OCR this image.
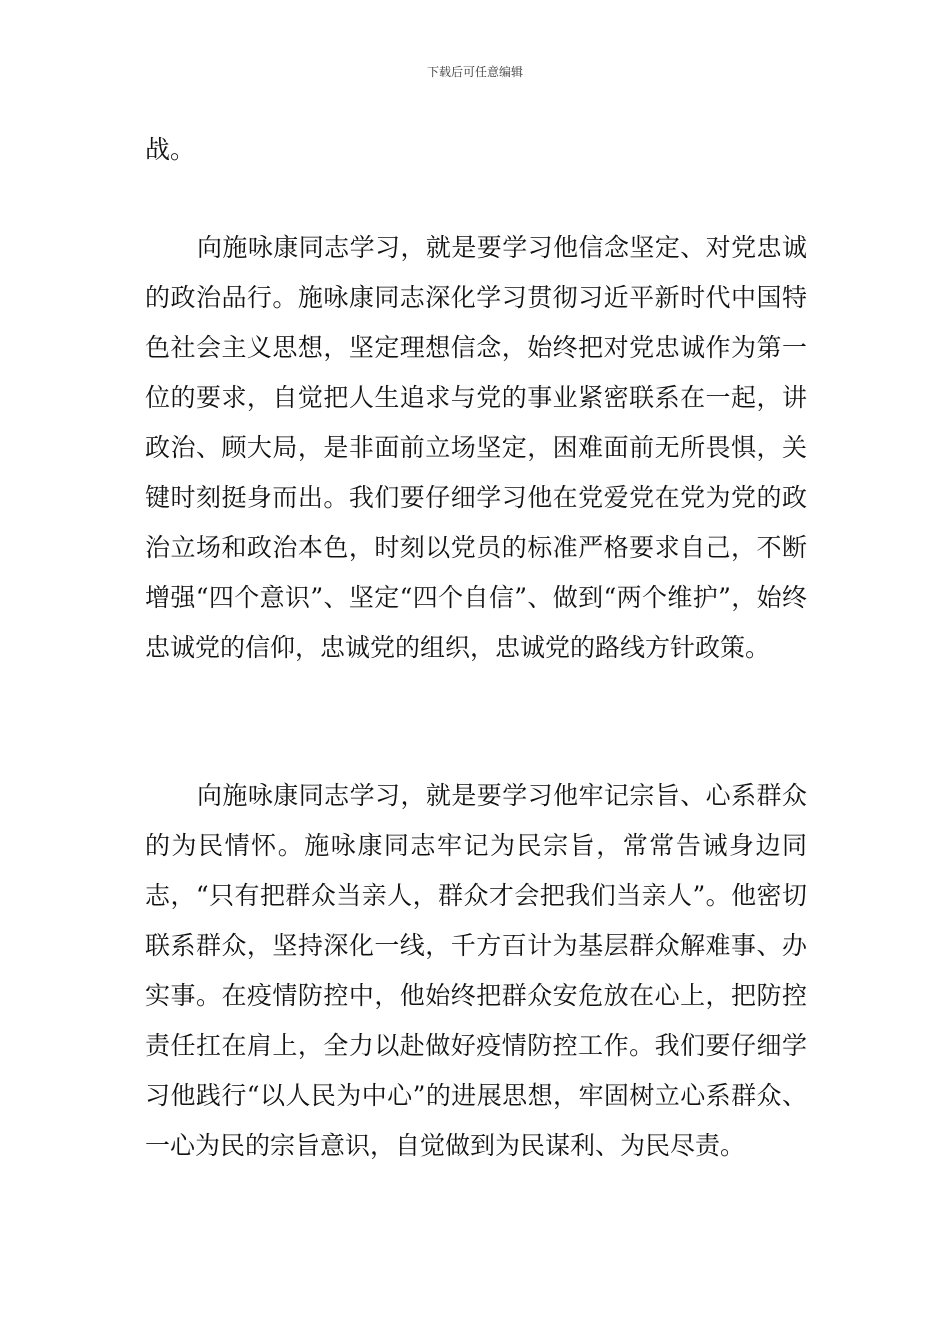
下载后可任意编辑

战。

向施咏康同志学习，就是要学习他信念坚定、对党忠诚的政治品行。施咏康同志深化学习贯彻习近平新时代中国特色社会主义思想，坚定理想信念，始终把对党忠诚作为第一位的要求，自觉把人生追求与党的事业紧密联系在一起，讲政治、顾大局，是非面前立场坚定，困难面前无所畏惧，关键时刻挺身而出。我们要仔细学习他在党爱党在党为党的政治立场和政治本色，时刻以党员的标准严格要求自己，不断增强“四个意识”、坚定“四个自信”、做到“两个维护”，始终忠诚党的信仰，忠诚党的组织，忠诚党的路线方针政策。

向施咏康同志学习，就是要学习他牢记宗旨、心系群众的为民情怀。施咏康同志牢记为民宗旨，常常告诫身边同志，“只有把群众当亲人，群众才会把我们当亲人”。他密切联系群众，坚持深化一线，千方百计为基层群众解难事、办实事。在疫情防控中，他始终把群众安危放在心上，把防控责任扛在肩上，全力以赴做好疫情防控工作。我们要仔细学习他践行“以人民为中心”的进展思想，牢固树立心系群众、一心为民的宗旨意识，自觉做到为民谋利、为民尽责。
